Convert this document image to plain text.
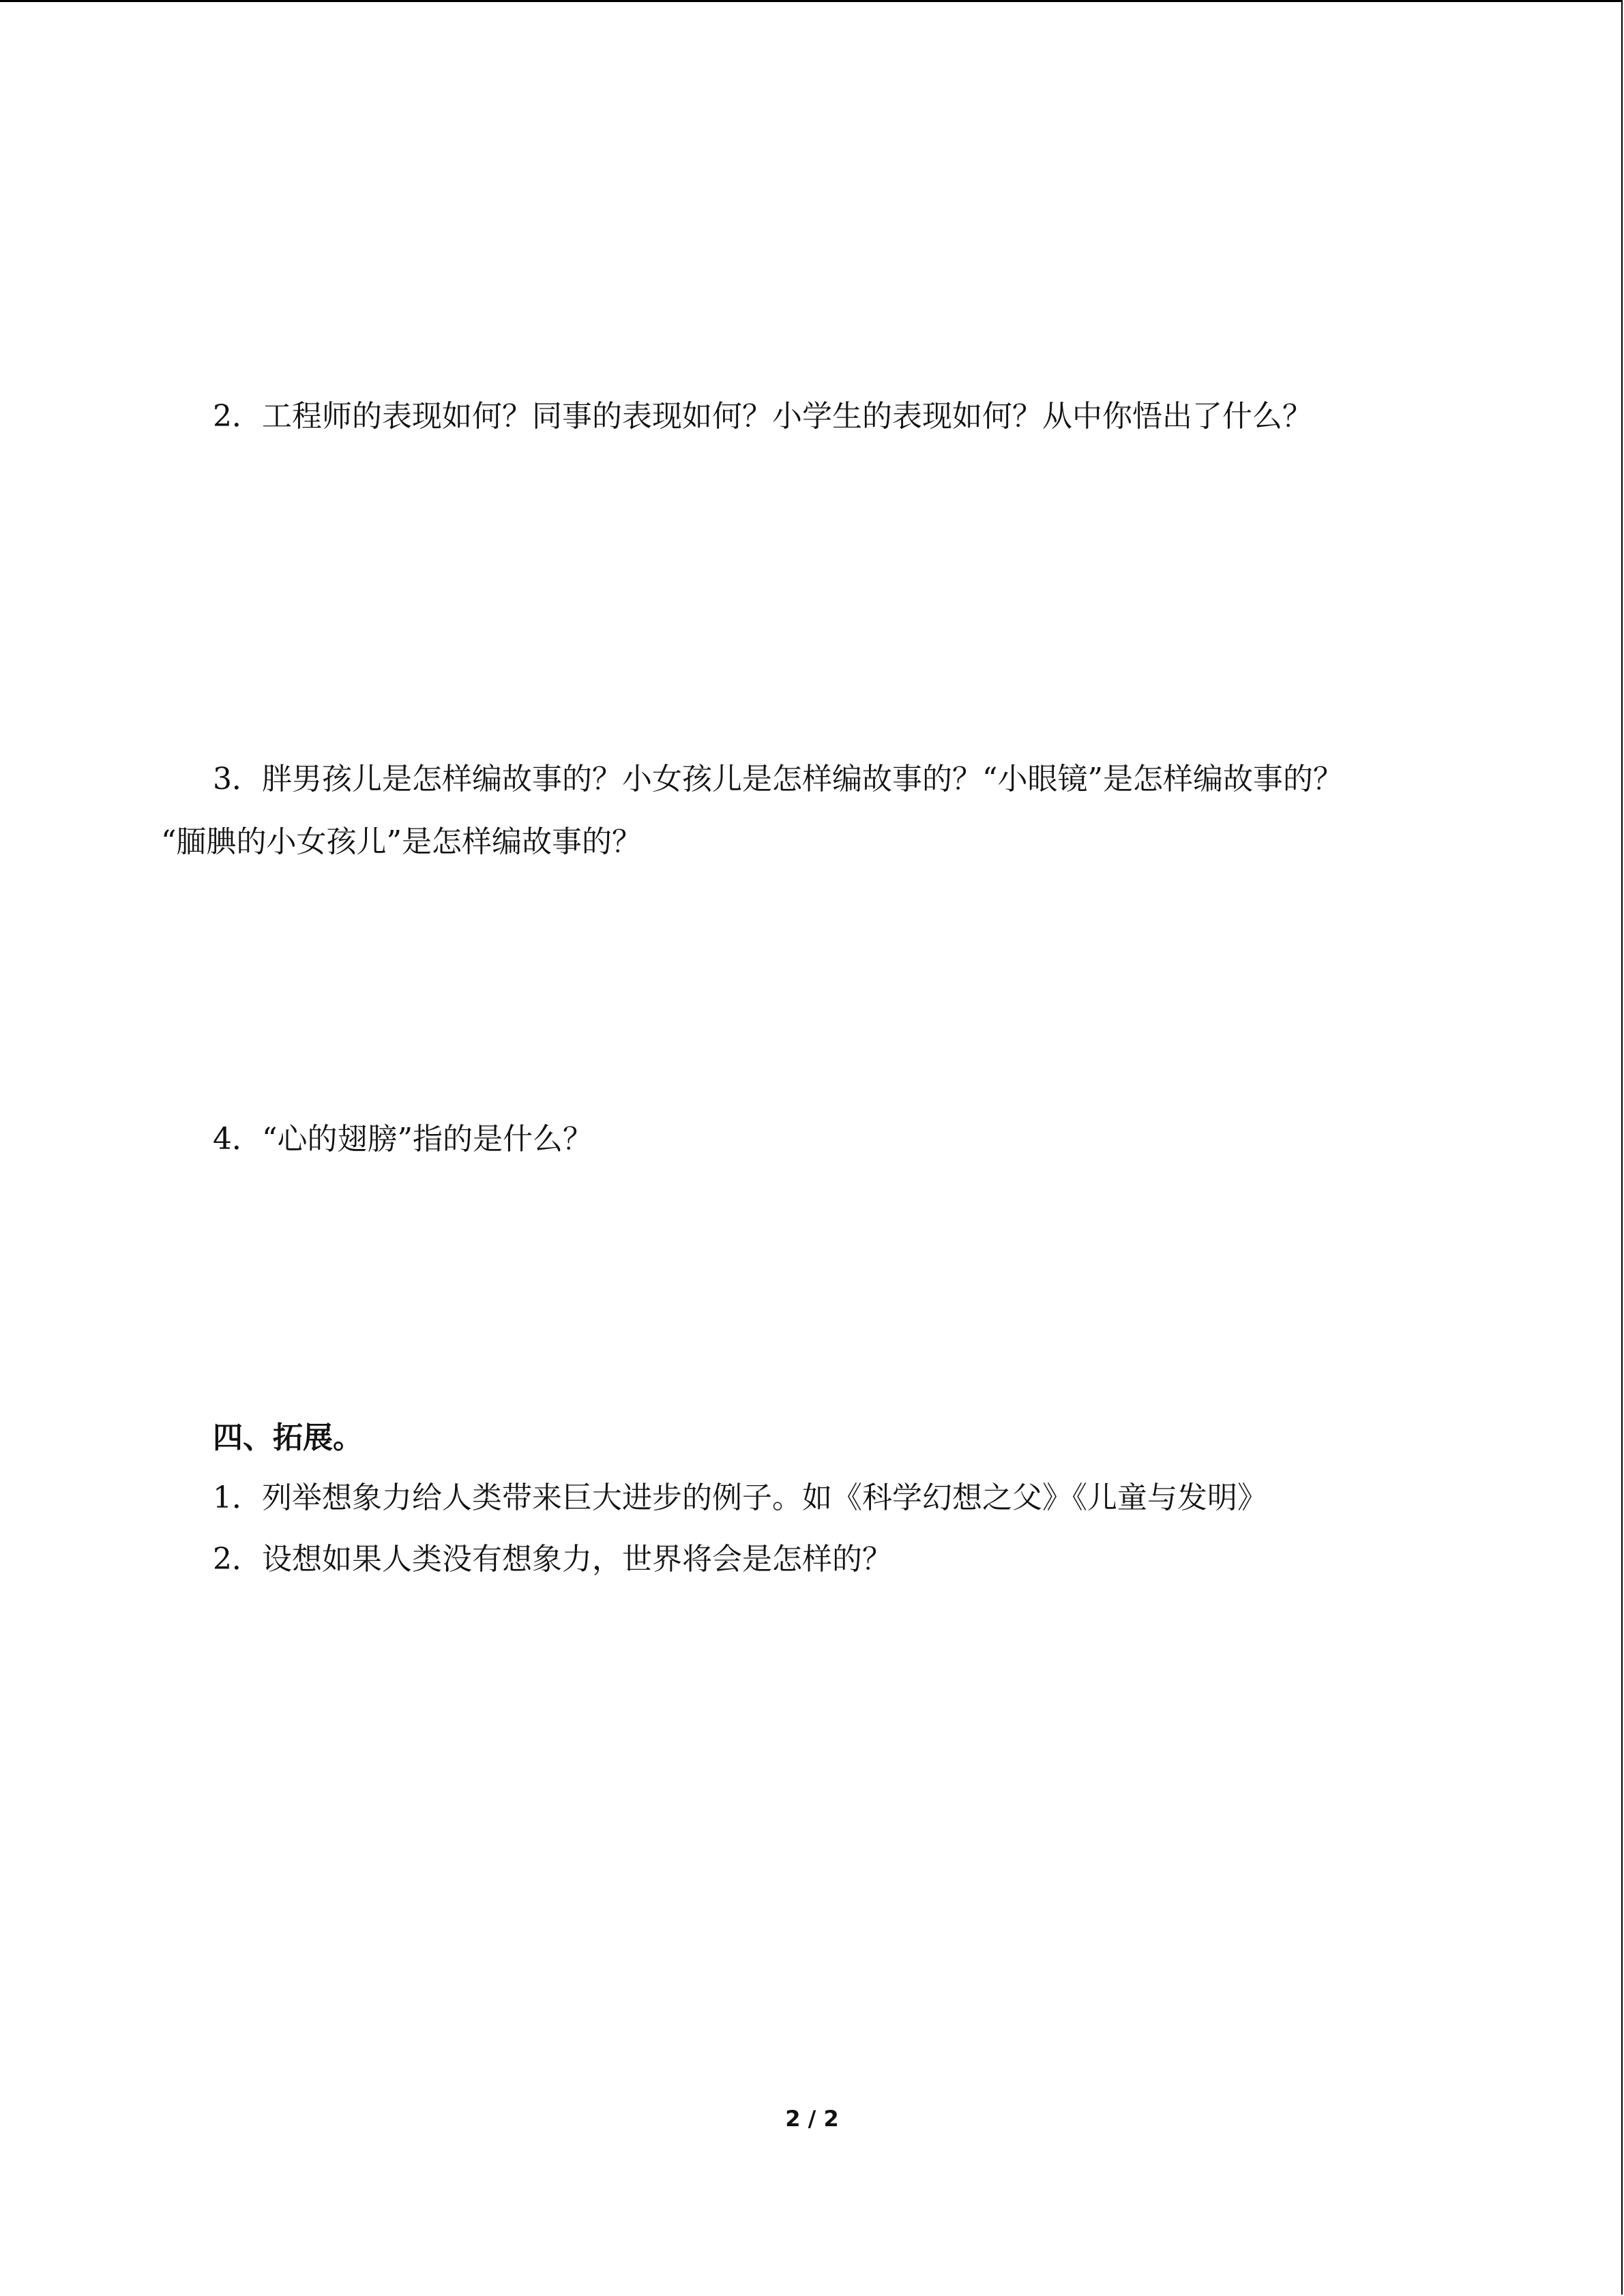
2．工程师的表现如何？同事的表现如何？小学生的表现如何？从中你悟出了什么？
3．胖男孩儿是怎样编故事的？小女孩儿是怎样编故事的？“小眼镜”是怎样编故事的？
“腼腆的小女孩儿”是怎样编故事的？
4．“心的翅膀”指的是什么？
四、拓展。
1．列举想象力给人类带来巨大进步的例子。如《科学幻想之父》《儿童与发明》
2．设想如果人类没有想象力，世界将会是怎样的？
2 / 2
